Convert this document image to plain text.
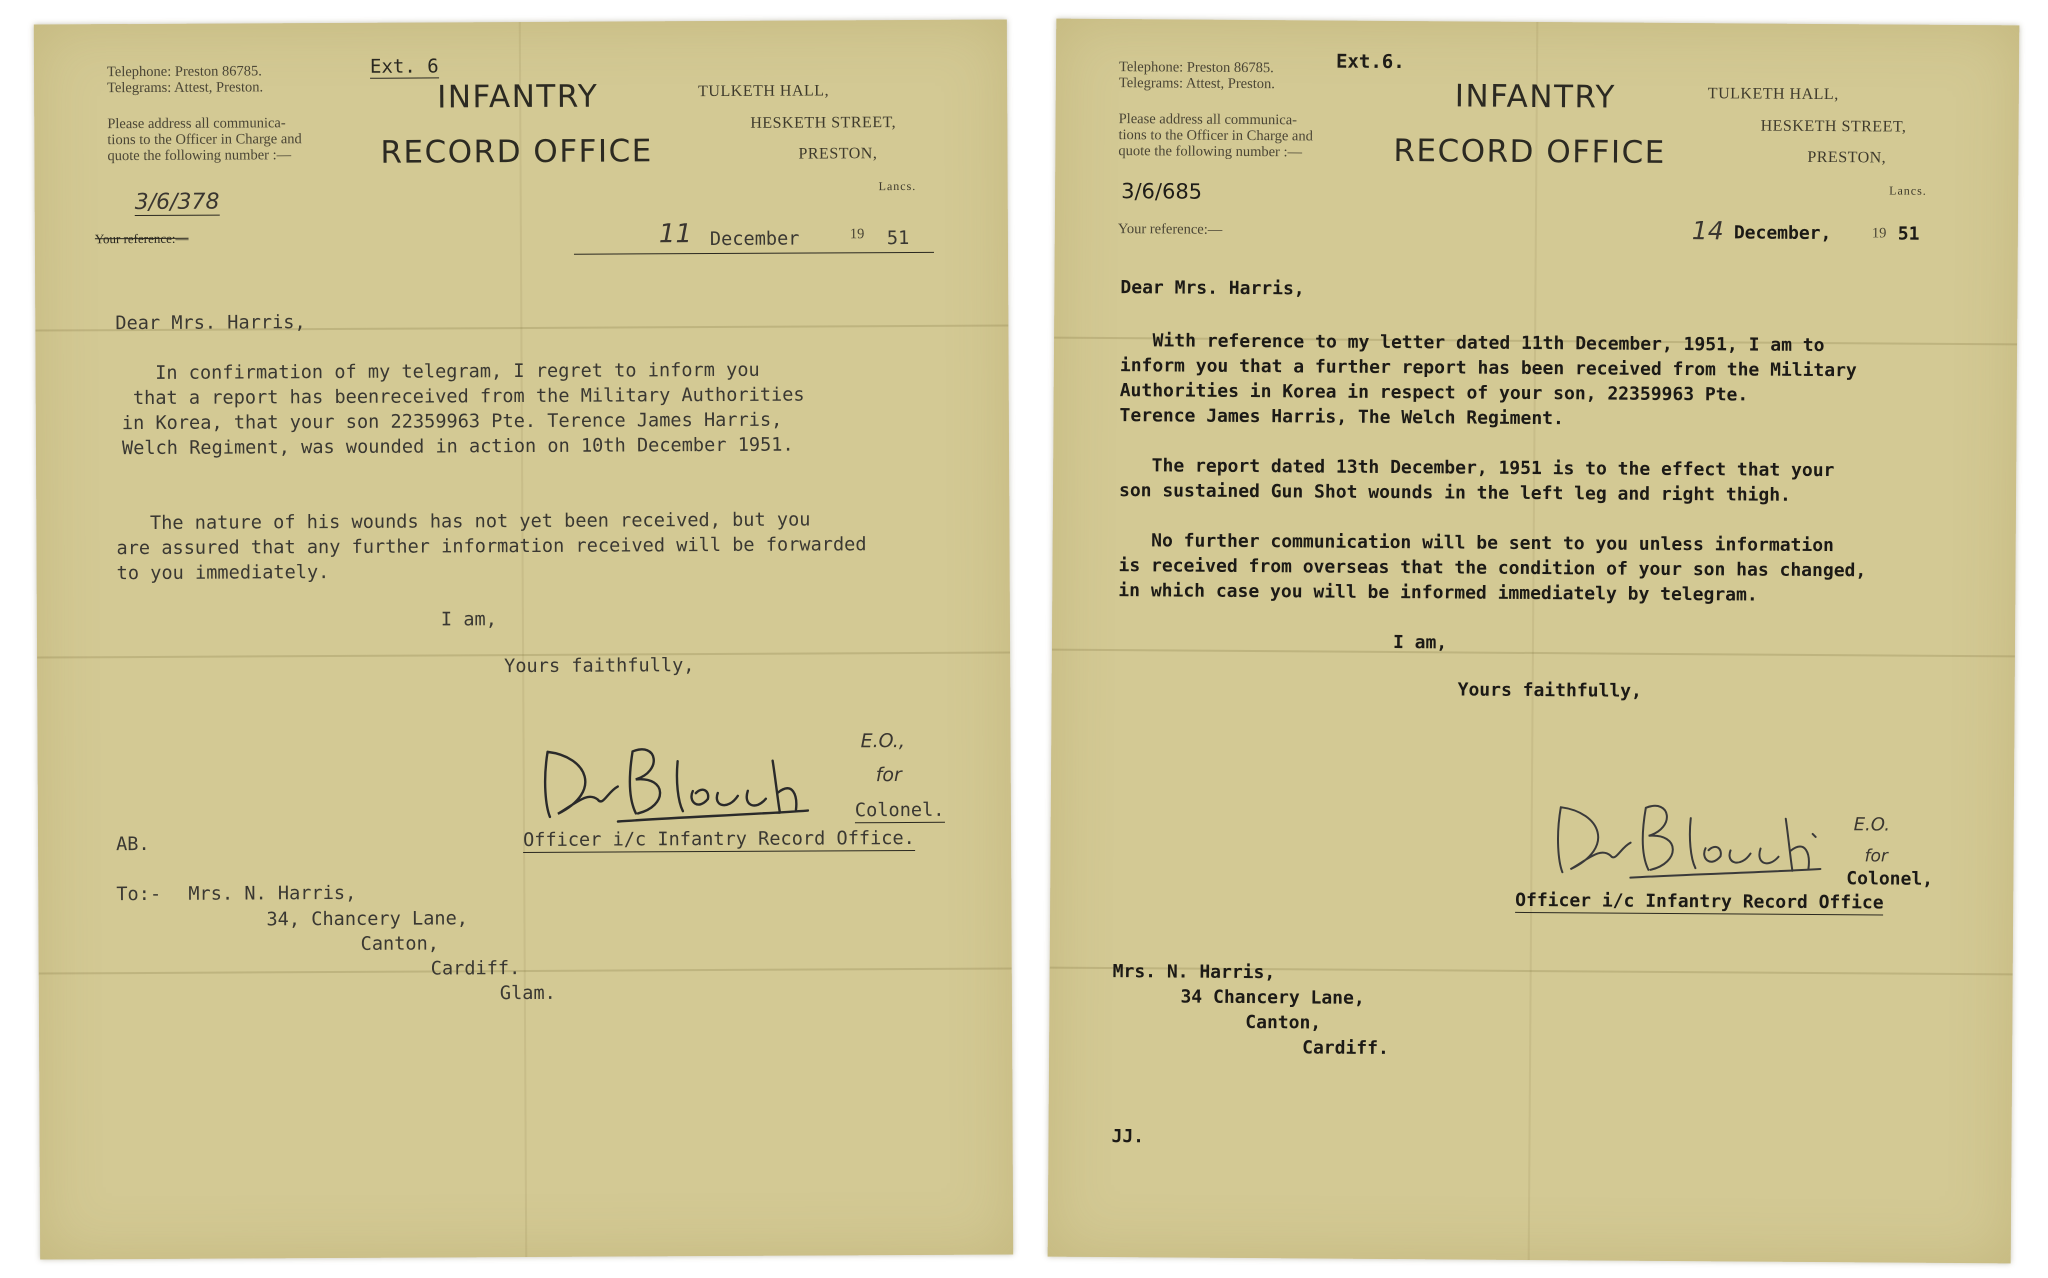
Telephone: Preston 86785.
Telegrams: Attest, Preston.
Ext. 6
INFANTRY
RECORD OFFICE
TULKETH HALL,
HESKETH STREET,
PRESTON,
Lancs.
Please address all communica-
tions to the Officer in Charge and
quote the following number :—
3/6/378
Your reference:—	11 December	19 51
Dear Mrs. Harris,
In confirmation of my telegram, I regret to inform you
that a report has beenreceived from the Military Authorities
in Korea, that your son 22359963 Pte. Terence James Harris,
Welch Regiment, was wounded in action on 10th December 1951.
The nature of his wounds has not yet been received, but you
are assured that any further information received will be forwarded
to you immediately.
I am,
Yours faithfully,
E.O.,
for
Colonel.
Officer i/c Infantry Record Office.
AB.
To:- Mrs. N. Harris,
34, Chancery Lane,
Canton,
Cardiff.
Glam.
Telephone: Preston 86785.
Telegrams: Attest, Preston.
Ext.6.
INFANTRY
RECORD OFFICE
TULKETH HALL,
HESKETH STREET,
PRESTON,
Lancs.
Please address all communica-
tions to the Officer in Charge and
quote the following number :—
3/6/685
Your reference:—	14 December,	19 51
Dear Mrs. Harris,
With reference to my letter dated 11th December, 1951, I am to
inform you that a further report has been received from the Military
Authorities in Korea in respect of your son, 22359963 Pte.
Terence James Harris, The Welch Regiment.
The report dated 13th December, 1951 is to the effect that your
son sustained Gun Shot wounds in the left leg and right thigh.
No further communication will be sent to you unless information
is received from overseas that the condition of your son has changed,
in which case you will be informed immediately by telegram.
I am,
Yours faithfully,
E.O.
for
Colonel,
Officer i/c Infantry Record Office
Mrs. N. Harris,
34 Chancery Lane,
Canton,
Cardiff.
JJ.
